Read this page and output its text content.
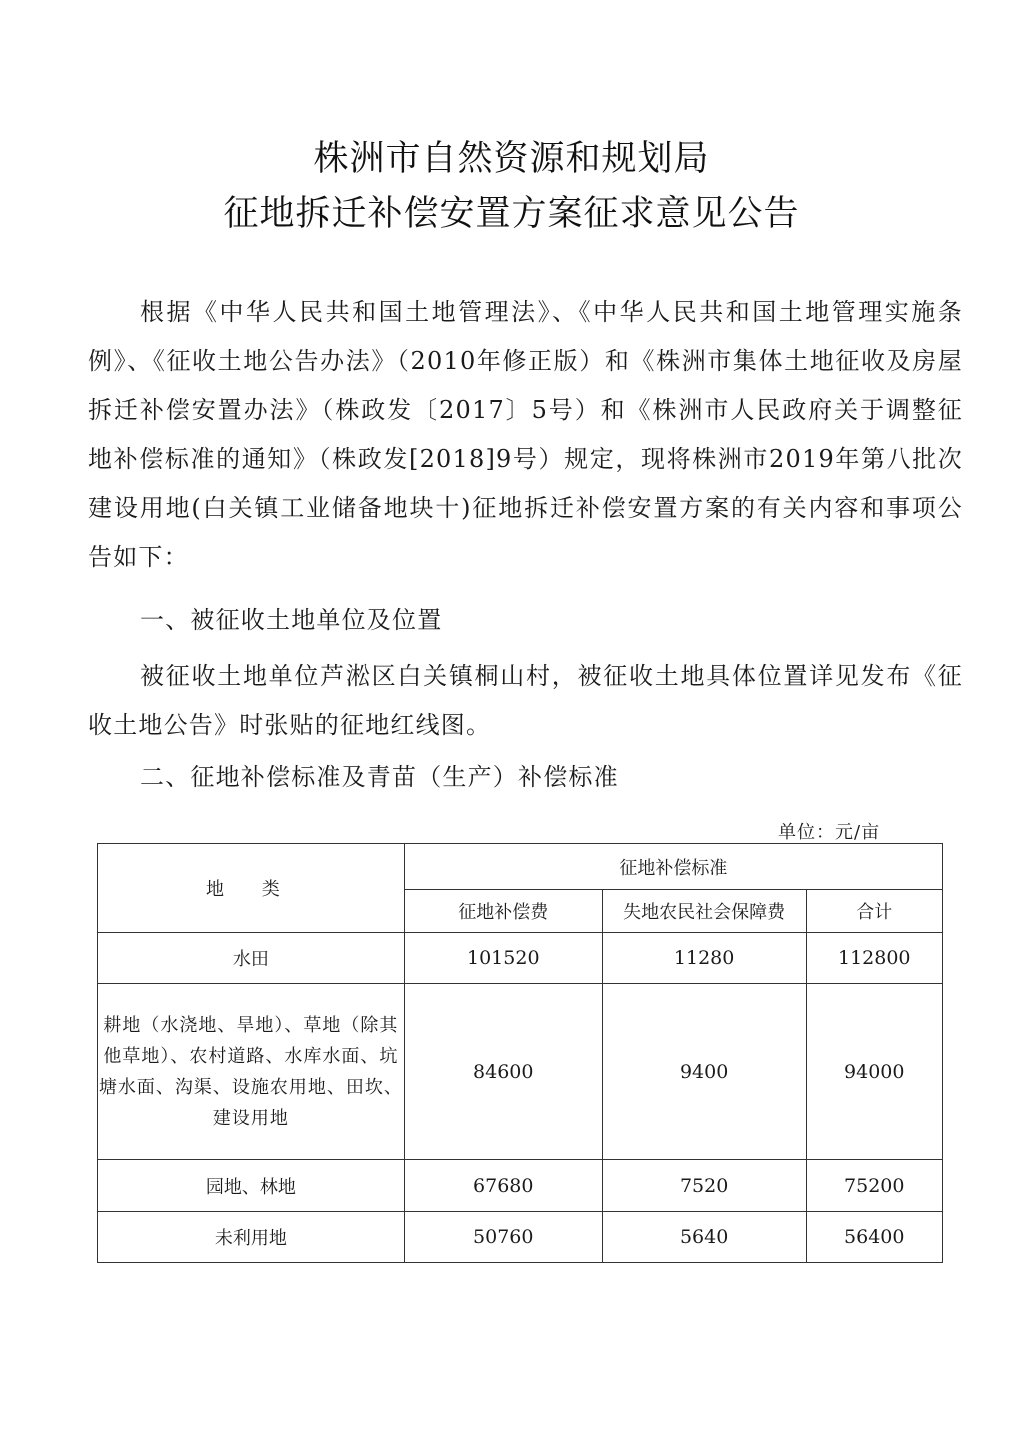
株洲市自然资源和规划局
征地拆迁补偿安置方案征求意见公告
根据《中华人民共和国土地管理法》、《中华人民共和国土地管理实施条例》、《征收土地公告办法》（2010年修正版）和《株洲市集体土地征收及房屋拆迁补偿安置办法》（株政发〔2017〕5号）和《株洲市人民政府关于调整征地补偿标准的通知》（株政发[2018]9号）规定，现将株洲市2019年第八批次建设用地(白关镇工业储备地块十)征地拆迁补偿安置方案的有关内容和事项公告如下：
一、被征收土地单位及位置
被征收土地单位芦淞区白关镇桐山村，被征收土地具体位置详见发布《征收土地公告》时张贴的征地红线图。
二、征地补偿标准及青苗（生产）补偿标准
单位：元/亩
地 类	征地补偿标准		
	征地补偿费	失地农民社会保障费	合计
水田	101520	11280	112800
耕地（水浇地、旱地）、草地（除其他草地）、农村道路、水库水面、坑塘水面、沟渠、设施农用地、田坎、建设用地	84600	9400	94000
园地、林地	67680	7520	75200
未利用地	50760	5640	56400
